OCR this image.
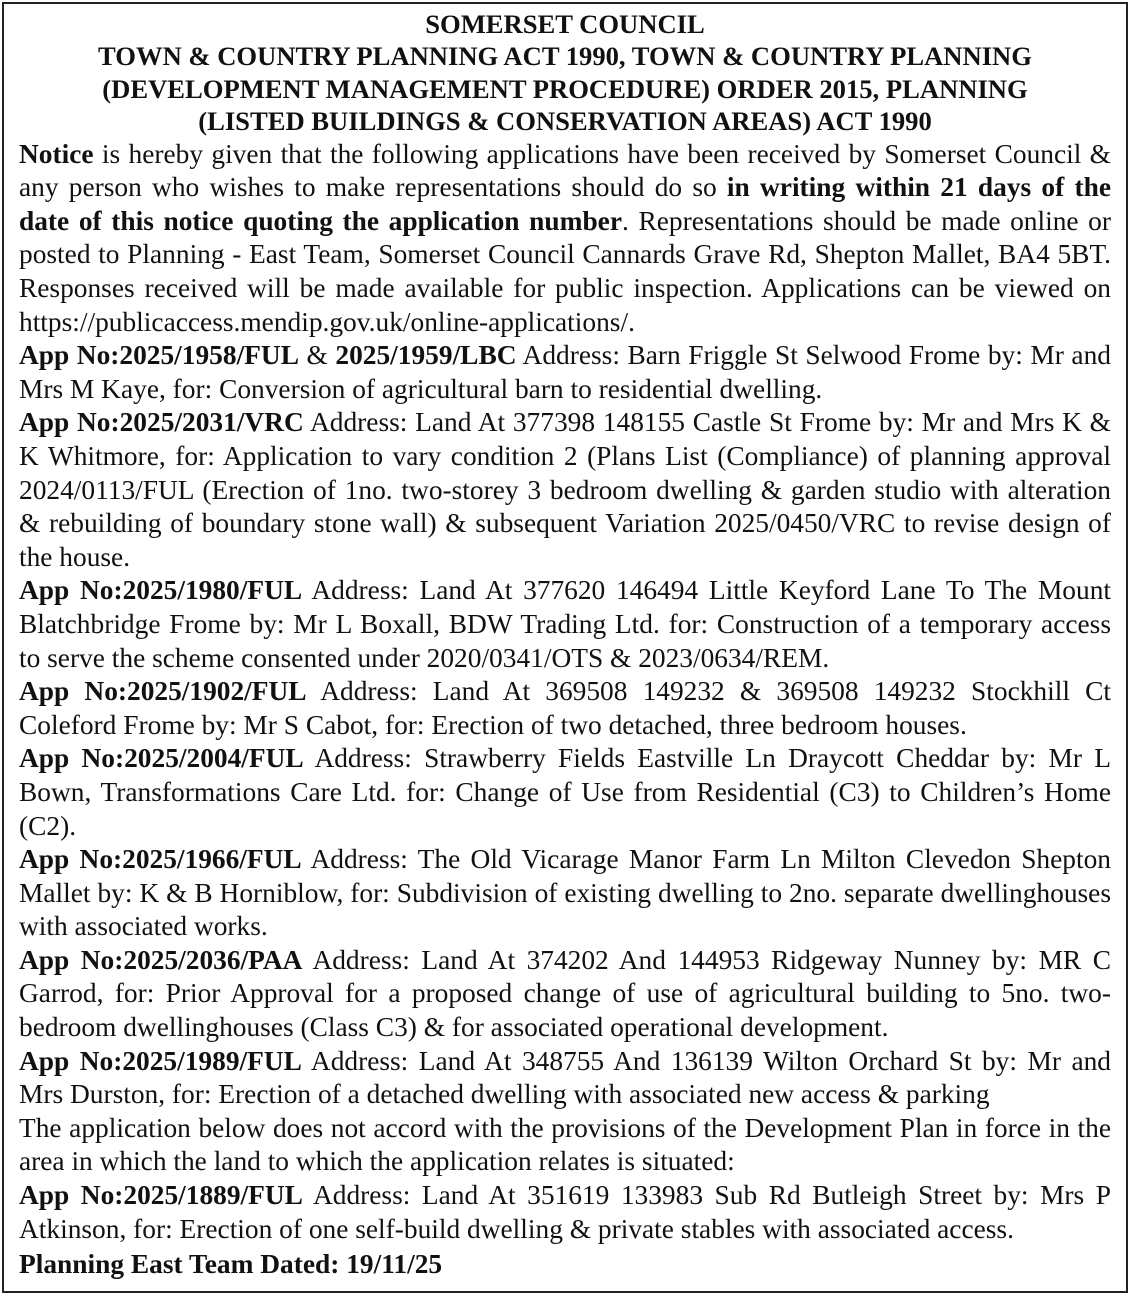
SOMERSET COUNCIL
TOWN & COUNTRY PLANNING ACT 1990, TOWN & COUNTRY PLANNING
(DEVELOPMENT MANAGEMENT PROCEDURE) ORDER 2015, PLANNING
(LISTED BUILDINGS & CONSERVATION AREAS) ACT 1990

Notice is hereby given that the following applications have been received by Somerset Council & any person who wishes to make representations should do so in writing within 21 days of the date of this notice quoting the application number. Representations should be made online or posted to Planning - East Team, Somerset Council Cannards Grave Rd, Shepton Mallet, BA4 5BT. Responses received will be made available for public inspection. Applications can be viewed on https://publicaccess.mendip.gov.uk/online-applications/.

App No:2025/1958/FUL & 2025/1959/LBC Address: Barn Friggle St Selwood Frome by: Mr and Mrs M Kaye, for: Conversion of agricultural barn to residential dwelling.

App No:2025/2031/VRC Address: Land At 377398 148155 Castle St Frome by: Mr and Mrs K & K Whitmore, for: Application to vary condition 2 (Plans List (Compliance) of planning approval 2024/0113/FUL (Erection of 1no. two-storey 3 bedroom dwelling & garden studio with alteration & rebuilding of boundary stone wall) & subsequent Variation 2025/0450/VRC to revise design of the house.

App No:2025/1980/FUL Address: Land At 377620 146494 Little Keyford Lane To The Mount Blatchbridge Frome by: Mr L Boxall, BDW Trading Ltd. for: Construction of a temporary access to serve the scheme consented under 2020/0341/OTS & 2023/0634/REM.

App No:2025/1902/FUL Address: Land At 369508 149232 & 369508 149232 Stockhill Ct Coleford Frome by: Mr S Cabot, for: Erection of two detached, three bedroom houses.

App No:2025/2004/FUL Address: Strawberry Fields Eastville Ln Draycott Cheddar by: Mr L Bown, Transformations Care Ltd. for: Change of Use from Residential (C3) to Children’s Home (C2).

App No:2025/1966/FUL Address: The Old Vicarage Manor Farm Ln Milton Clevedon Shepton Mallet by: K & B Horniblow, for: Subdivision of existing dwelling to 2no. separate dwellinghouses with associated works.

App No:2025/2036/PAA Address: Land At 374202 And 144953 Ridgeway Nunney by: MR C Garrod, for: Prior Approval for a proposed change of use of agricultural building to 5no. two-bedroom dwellinghouses (Class C3) & for associated operational development.

App No:2025/1989/FUL Address: Land At 348755 And 136139 Wilton Orchard St by: Mr and Mrs Durston, for: Erection of a detached dwelling with associated new access & parking

The application below does not accord with the provisions of the Development Plan in force in the area in which the land to which the application relates is situated:

App No:2025/1889/FUL Address: Land At 351619 133983 Sub Rd Butleigh Street by: Mrs P Atkinson, for: Erection of one self-build dwelling & private stables with associated access.

Planning East Team Dated: 19/11/25
